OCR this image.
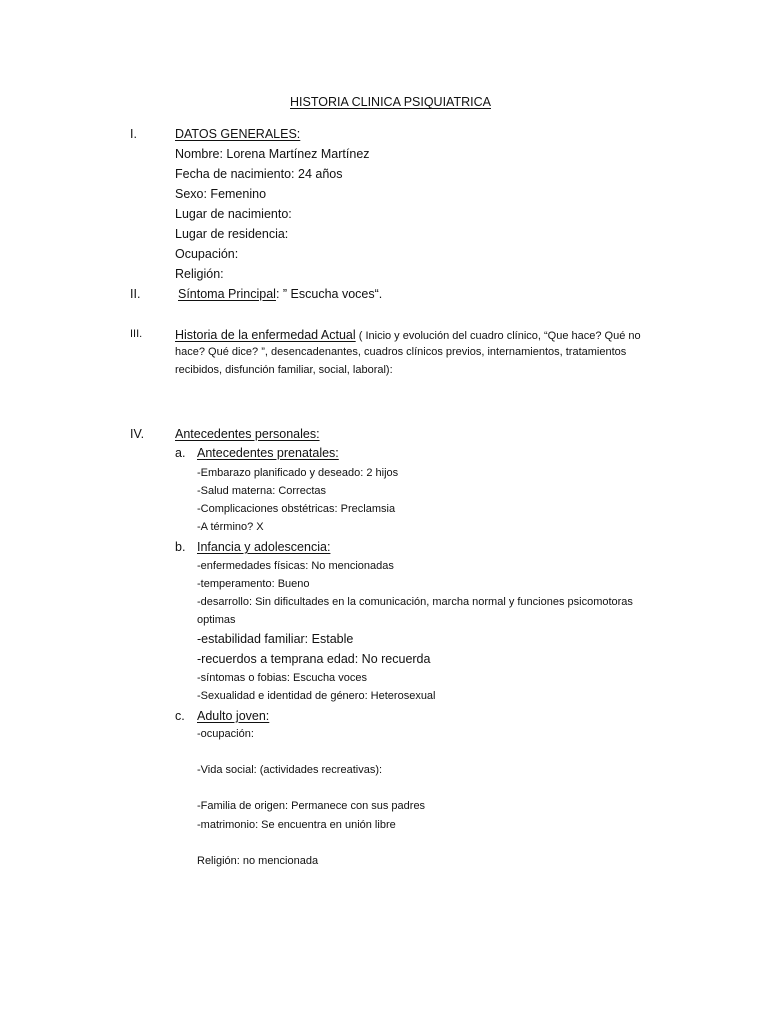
HISTORIA CLINICA PSIQUIATRICA
I.	DATOS GENERALES:
Nombre: Lorena Martínez Martínez
Fecha de nacimiento: 24 años
Sexo: Femenino
Lugar de nacimiento:
Lugar de residencia:
Ocupación:
Religión:
II.	Síntoma Principal: ” Escucha voces“.
III.	Historia de la enfermedad Actual ( Inicio y evolución del cuadro clínico, “Que hace? Qué no
hace? Qué dice? ”, desencadenantes, cuadros clínicos previos, internamientos, tratamientos
recibidos, disfunción familiar, social, laboral):
IV. Antecedentes personales:
a. Antecedentes prenatales:
-Embarazo planificado y deseado: 2 hijos
-Salud materna: Correctas
-Complicaciones obstétricas: Preclamsia
-A término? X
b. Infancia y adolescencia:
-enfermedades físicas: No mencionadas
-temperamento: Bueno
-desarrollo: Sin dificultades en la comunicación, marcha normal y funciones psicomotoras
optimas
-estabilidad familiar: Estable
-recuerdos a temprana edad: No recuerda
-síntomas o fobias: Escucha voces
-Sexualidad e identidad de género: Heterosexual
c. Adulto joven:
-ocupación:
-Vida social: (actividades recreativas):
-Familia de origen: Permanece con sus padres
-matrimonio: Se encuentra en unión libre
Religión: no mencionada
